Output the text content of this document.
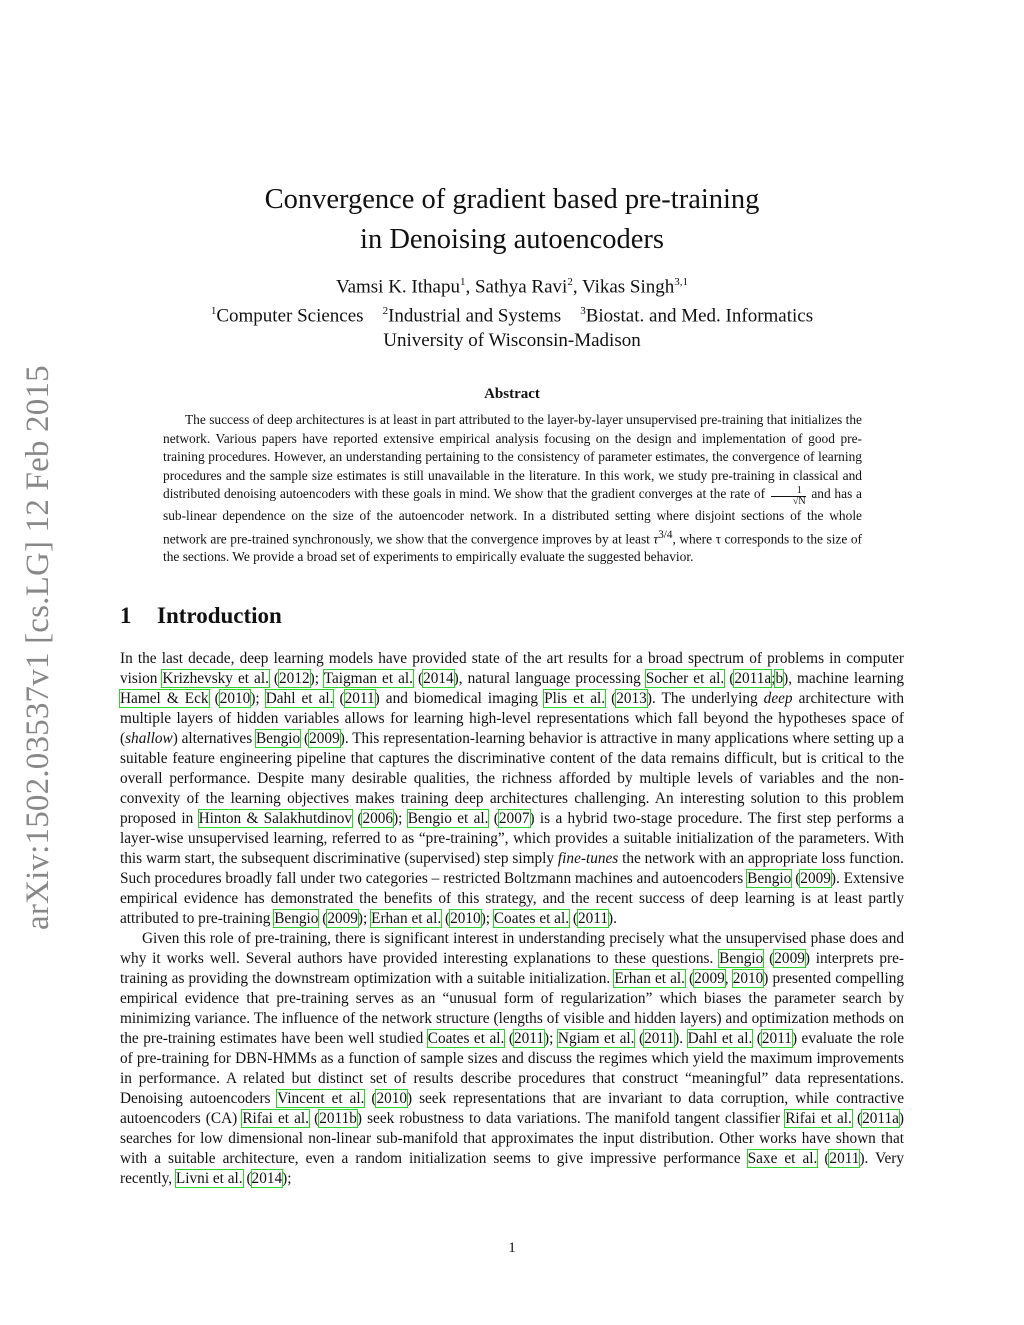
arXiv:1502.03537v1 [cs.LG] 12 Feb 2015
Convergence of gradient based pre-training
in Denoising autoencoders
Vamsi K. Ithapu$^1$, Sathya Ravi$^2$, Vikas Singh$^{3,1}$
$^1$Computer Sciences $^2$Industrial and Systems $^3$Biostat. and Med. Informatics
University of Wisconsin-Madison
Abstract

The success of deep architectures is at least in part attributed to the layer-by-layer unsupervised pre-training that initializes the network. Various papers have reported extensive empirical analysis focusing on the design and implementation of good pre-training procedures. However, an understanding pertaining to the consistency of parameter estimates, the convergence of learning procedures and the sample size estimates is still unavailable in the literature. In this work, we study pre-training in classical and distributed denoising autoencoders with these goals in mind. We show that the gradient converges at the rate of $\frac{1}{√N}$ and has a sub-linear dependence on the size of the autoencoder network. In a distributed setting where disjoint sections of the whole network are pre-trained synchronously, we show that the convergence improves by at least $\tau^{3/4}$, where τ corresponds to the size of the sections. We provide a broad set of experiments to empirically evaluate the suggested behavior.

1 Introduction

In the last decade, deep learning models have provided state of the art results for a broad spectrum of problems in computer vision Krizhevsky et al. (2012); Taigman et al. (2014), natural language processing Socher et al. (2011a;b), machine learning Hamel & Eck (2010); Dahl et al. (2011) and biomedical imaging Plis et al. (2013). The underlying deep architecture with multiple layers of hidden variables allows for learning high-level representations which fall beyond the hypotheses space of (shallow) alternatives Bengio (2009). This representation-learning behavior is attractive in many applications where setting up a suitable feature engineering pipeline that captures the discriminative content of the data remains difficult, but is critical to the overall performance. Despite many desirable qualities, the richness afforded by multiple levels of variables and the non-convexity of the learning objectives makes training deep architectures challenging. An interesting solution to this problem proposed in Hinton & Salakhutdinov (2006); Bengio et al. (2007) is a hybrid two-stage procedure. The first step performs a layer-wise unsupervised learning, referred to as “pre-training”, which provides a suitable initialization of the parameters. With this warm start, the subsequent discriminative (supervised) step simply fine-tunes the network with an appropriate loss function. Such procedures broadly fall under two categories – restricted Boltzmann machines and autoencoders Bengio (2009). Extensive empirical evidence has demonstrated the benefits of this strategy, and the recent success of deep learning is at least partly attributed to pre-training Bengio (2009); Erhan et al. (2010); Coates et al. (2011).

Given this role of pre-training, there is significant interest in understanding precisely what the unsupervised phase does and why it works well. Several authors have provided interesting explanations to these questions. Bengio (2009) interprets pre-training as providing the downstream optimization with a suitable initialization. Erhan et al. (2009, 2010) presented compelling empirical evidence that pre-training serves as an “unusual form of regularization” which biases the parameter search by minimizing variance. The influence of the network structure (lengths of visible and hidden layers) and optimization methods on the pre-training estimates have been well studied Coates et al. (2011); Ngiam et al. (2011). Dahl et al. (2011) evaluate the role of pre-training for DBN-HMMs as a function of sample sizes and discuss the regimes which yield the maximum improvements in performance. A related but distinct set of results describe procedures that construct “meaningful” data representations. Denoising autoencoders Vincent et al. (2010) seek representations that are invariant to data corruption, while contractive autoencoders (CA) Rifai et al. (2011b) seek robustness to data variations. The manifold tangent classifier Rifai et al. (2011a) searches for low dimensional non-linear sub-manifold that approximates the input distribution. Other works have shown that with a suitable architecture, even a random initialization seems to give impressive performance Saxe et al. (2011). Very recently, Livni et al. (2014);

1
